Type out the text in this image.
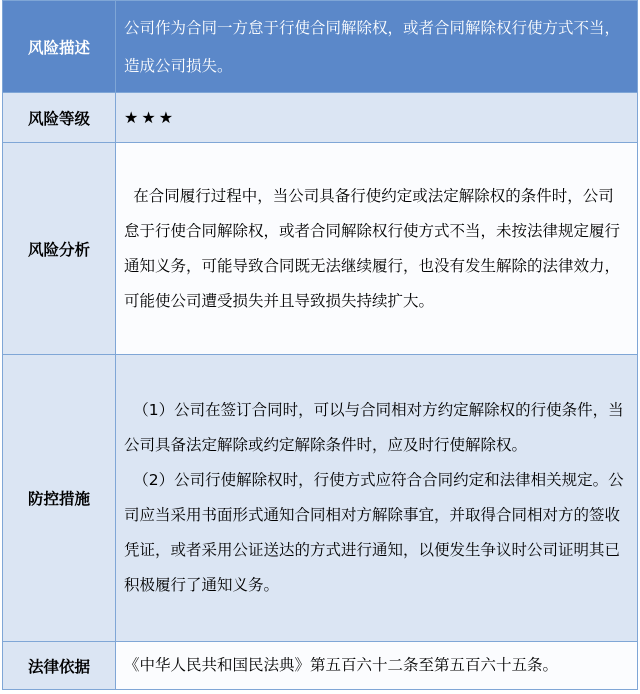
风险描述	公司作为合同一方怠于行使合同解除权，或者合同解除权行使方式不当，造成公司损失。

风险等级	★★★

风险分析	在合同履行过程中，当公司具备行使约定或法定解除权的条件时，公司怠于行使合同解除权，或者合同解除权行使方式不当，未按法律规定履行通知义务，可能导致合同既无法继续履行，也没有发生解除的法律效力，可能使公司遭受损失并且导致损失持续扩大。

防控措施	（1）公司在签订合同时，可以与合同相对方约定解除权的行使条件，当公司具备法定解除或约定解除条件时，应及时行使解除权。
（2）公司行使解除权时，行使方式应符合合同约定和法律相关规定。公司应当采用书面形式通知合同相对方解除事宜，并取得合同相对方的签收凭证，或者采用公证送达的方式进行通知，以便发生争议时公司证明其已积极履行了通知义务。

法律依据	《中华人民共和国民法典》第五百六十二条至第五百六十五条。
